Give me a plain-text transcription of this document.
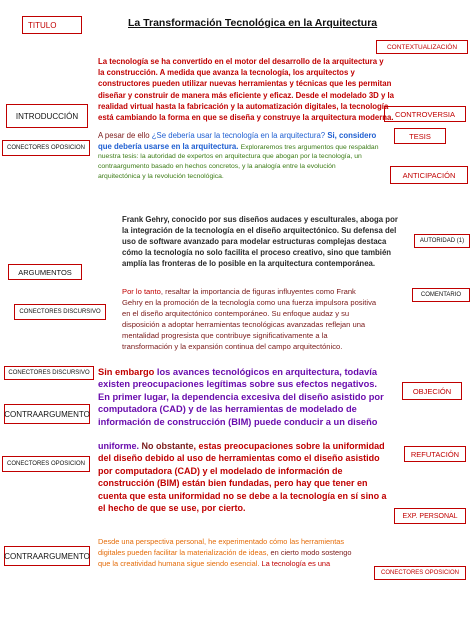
TITULO	La Transformación Tecnológica en la Arquitectura
CONTEXTUALIZACIÓN
INTRODUCCIÓN	CONTROVERSIA
TESIS
CONECTORES OPOSICION
ANTICIPACIÓN
AUTORIDAD (1)
ARGUMENTOS
COMENTARIO
CONECTORES DISCURSIVO
CONECTORES DISCURSIVO
OBJECIÓN
CONTRAARGUMENTO
REFUTACIÓN
CONECTORES OPOSICION
EXP. PERSONAL
CONTRAARGUMENTO
CONECTORES OPOSICION
La tecnología se ha convertido en el motor del desarrollo de la arquitectura y
la construcción. A medida que avanza la tecnología, los arquitectos y
constructores pueden utilizar nuevas herramientas y técnicas que les permitan
diseñar y construir de manera más eficiente y eficaz. Desde el modelado 3D y la
realidad virtual hasta la fabricación y la automatización digitales, la tecnología
está cambiando la forma en que se diseña y construye la arquitectura moderna.
A pesar de ello ¿Se debería usar la tecnología en la arquitectura? Si, considero
que debería usarse en la arquitectura. Exploraremos tres argumentos que respaldan
nuestra tesis: la autoridad de expertos en arquitectura que abogan por la tecnología, un
contraargumento basado en hechos concretos, y la analogía entre la evolución
arquitectónica y la revolución tecnológica.
Frank Gehry, conocido por sus diseños audaces y esculturales, aboga por
la integración de la tecnología en el diseño arquitectónico. Su defensa del
uso de software avanzado para modelar estructuras complejas destaca
cómo la tecnología no solo facilita el proceso creativo, sino que también
amplía las fronteras de lo posible en la arquitectura contemporánea.
Por lo tanto, resaltar la importancia de figuras influyentes como Frank
Gehry en la promoción de la tecnología como una fuerza impulsora positiva
en el diseño arquitectónico contemporáneo. Su enfoque audaz y su
disposición a adoptar herramientas tecnológicas avanzadas reflejan una
mentalidad progresista que contribuye significativamente a la
transformación y la expansión continua del campo arquitectónico.
Sin embargo los avances tecnológicos en arquitectura, todavía
existen preocupaciones legítimas sobre sus efectos negativos.
En primer lugar, la dependencia excesiva del diseño asistido por
computadora (CAD) y de las herramientas de modelado de
información de construcción (BIM) puede conducir a un diseño
uniforme. No obstante, estas preocupaciones sobre la uniformidad
del diseño debido al uso de herramientas como el diseño asistido
por computadora (CAD) y el modelado de información de
construcción (BIM) están bien fundadas, pero hay que tener en
cuenta que esta uniformidad no se debe a la tecnología en sí sino a
el hecho de que se use, por cierto.
Desde una perspectiva personal, he experimentado cómo las herramientas
digitales pueden facilitar la materialización de ideas, en cierto modo sostengo
que la creatividad humana sigue siendo esencial. La tecnología es una
